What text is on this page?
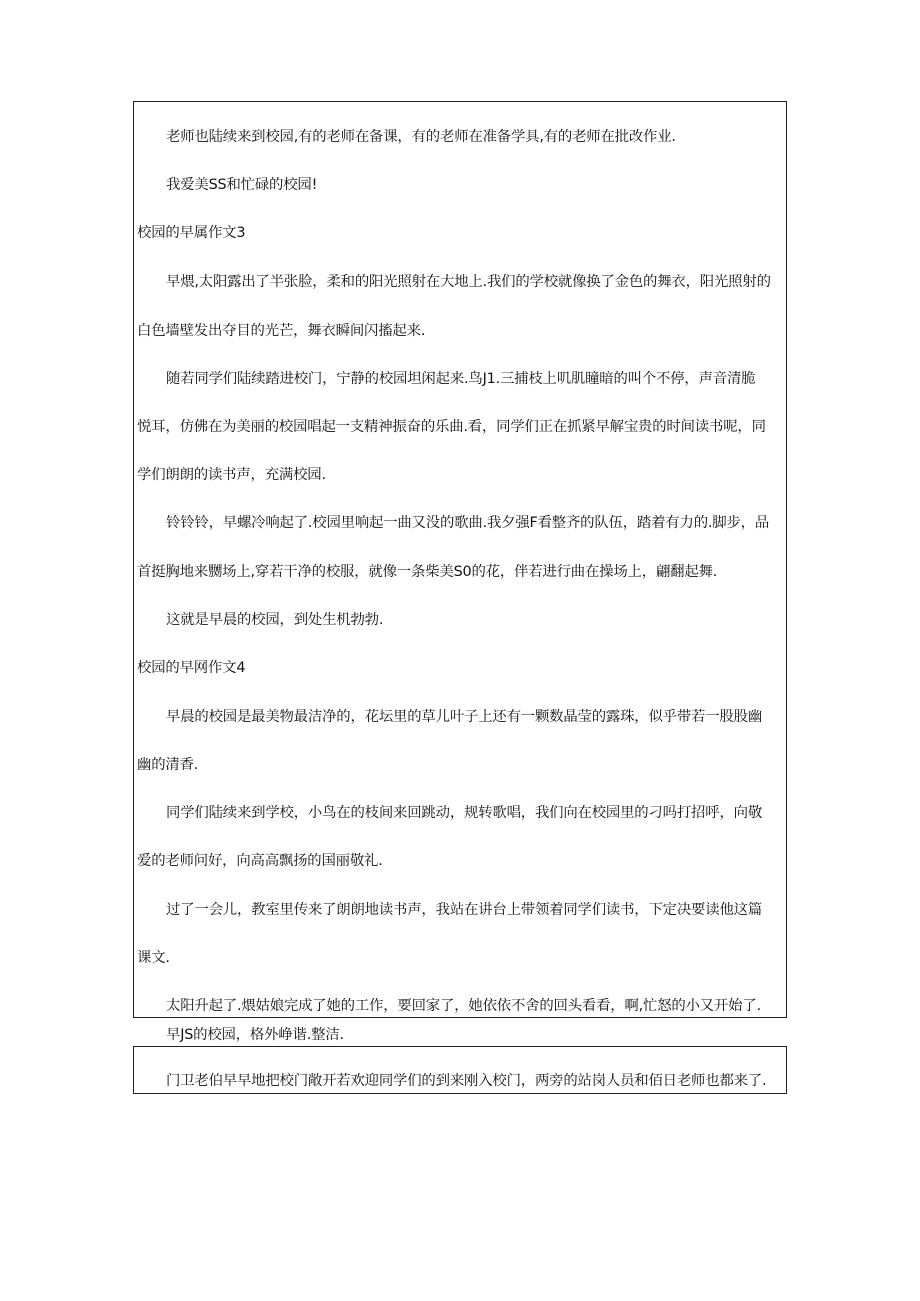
老师也陆续来到校园,有的老师在备课，有的老师在准备学具,有的老师在批改作业.
我爱美SS和忙碌的校园!
校园的早属作文3
早煨,太阳露出了半张脸，柔和的阳光照射在大地上.我们的学校就像换了金色的舞衣，阳光照射的
白色墙壁发出夺目的光芒，舞衣瞬间闪搐起来.
随若同学们陆续踏进校门，宁静的校园坦闲起来.鸟J1.三捕枝上叽肌瞳暗的叫个不停，声音清脆
悦耳，仿佛在为美丽的校园唱起一支精神振奋的乐曲.看，同学们正在抓紧早解宝贵的时间读书呢，同
学们朗朗的读书声，充满校园.
铃铃铃，早螺冷响起了.校园里响起一曲又没的歌曲.我夕强F看整齐的队伍，踏着有力的.脚步，品
首挺胸地来嬲场上,穿若干净的校服，就像一条柴美S0的花，伴若进行曲在操场上，翩翻起舞.
这就是早晨的校园，到处生机勃勃.
校园的早网作文4
早晨的校园是最美物最洁净的，花坛里的草儿叶子上还有一颗数晶莹的露珠，似乎带若一股股幽
幽的清香.
同学们陆续来到学校，小鸟在的枝间来回跳动，规转歌唱，我们向在校园里的刁吗打招呼，向敬
爱的老师问好，向高高飘扬的国丽敬礼.
过了一会儿，教室里传来了朗朗地读书声，我站在讲台上带领着同学们读书，下定决要读他这篇
课文.
太阳升起了.煨姑娘完成了她的工作，要回家了，她依依不舍的回头看看，啊,忙怒的小又开始了.
早JS的校园，格外峥谐.整洁.
门卫老伯早早地把校门敞开若欢迎同学们的到来刚入校门，两旁的站岗人员和佰日老师也都来了.
